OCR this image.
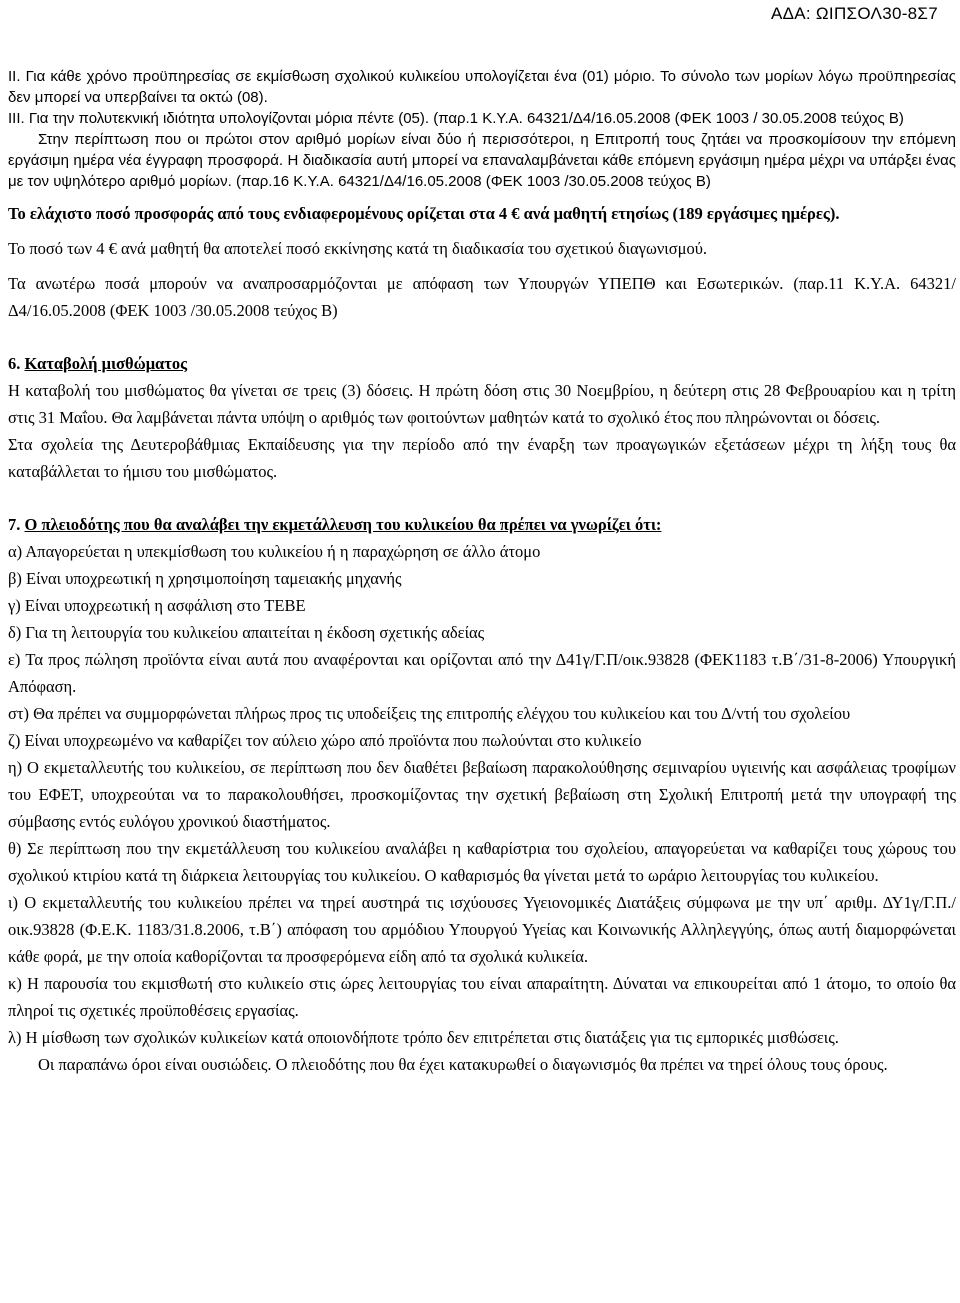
ΑΔΑ: ΩΙΠΣΟΛ30-8Σ7

ΙΙ. Για κάθε χρόνο προϋπηρεσίας σε εκμίσθωση σχολικού κυλικείου υπολογίζεται ένα (01) μόριο. Το σύνολο των μορίων λόγω προϋπηρεσίας δεν μπορεί να υπερβαίνει τα οκτώ (08).

ΙΙΙ. Για την πολυτεκνική ιδιότητα υπολογίζονται μόρια πέντε (05). (παρ.1 Κ.Υ.Α. 64321/Δ4/16.05.2008 (ΦΕΚ 1003 / 30.05.2008 τεύχος Β)

Στην περίπτωση που οι πρώτοι στον αριθμό μορίων είναι δύο ή περισσότεροι, η Επιτροπή τους ζητάει να προσκομίσουν την επόμενη εργάσιμη ημέρα νέα έγγραφη προσφορά. Η διαδικασία αυτή μπορεί να επαναλαμβάνεται κάθε επόμενη εργάσιμη ημέρα μέχρι να υπάρξει ένας με τον υψηλότερο αριθμό μορίων. (παρ.16 Κ.Υ.Α. 64321/Δ4/16.05.2008 (ΦΕΚ 1003 /30.05.2008 τεύχος Β)

Το ελάχιστο ποσό προσφοράς από τους ενδιαφερομένους ορίζεται στα 4 € ανά μαθητή ετησίως (189 εργάσιμες ημέρες).

Το ποσό των 4 € ανά μαθητή θα αποτελεί ποσό εκκίνησης κατά τη διαδικασία του σχετικού διαγωνισμού.

Τα ανωτέρω ποσά μπορούν να αναπροσαρμόζονται με απόφαση των Υπουργών ΥΠΕΠΘ και Εσωτερικών. (παρ.11 Κ.Υ.Α. 64321/Δ4/16.05.2008 (ΦΕΚ 1003 /30.05.2008 τεύχος Β)

6. Καταβολή μισθώματος

Η καταβολή του μισθώματος θα γίνεται σε τρεις (3) δόσεις. Η πρώτη δόση στις 30 Νοεμβρίου, η δεύτερη στις 28 Φεβρουαρίου και η τρίτη στις 31 Μαΐου. Θα λαμβάνεται πάντα υπόψη ο αριθμός των φοιτούντων μαθητών κατά το σχολικό έτος που πληρώνονται οι δόσεις.

Στα σχολεία της Δευτεροβάθμιας Εκπαίδευσης για την περίοδο από την έναρξη των προαγωγικών εξετάσεων μέχρι τη λήξη τους θα καταβάλλεται το ήμισυ του μισθώματος.

7. Ο πλειοδότης που θα αναλάβει την εκμετάλλευση του κυλικείου θα πρέπει να γνωρίζει ότι:

α) Απαγορεύεται η υπεκμίσθωση του κυλικείου ή η παραχώρηση σε άλλο άτομο

β) Είναι υποχρεωτική η χρησιμοποίηση ταμειακής μηχανής

γ) Είναι υποχρεωτική η ασφάλιση στο ΤΕΒΕ

δ) Για τη λειτουργία του κυλικείου απαιτείται η έκδοση σχετικής αδείας

ε) Τα προς πώληση προϊόντα είναι αυτά που αναφέρονται και ορίζονται από την Δ41γ/Γ.Π/οικ.93828 (ΦΕΚ1183 τ.Β΄/31-8-2006) Υπουργική Απόφαση.

στ) Θα πρέπει να συμμορφώνεται πλήρως προς τις υποδείξεις της επιτροπής ελέγχου του κυλικείου και του Δ/ντή του σχολείου

ζ) Είναι υποχρεωμένο να καθαρίζει τον αύλειο χώρο από προϊόντα που πωλούνται στο κυλικείο

η) Ο εκμεταλλευτής του κυλικείου, σε περίπτωση που δεν διαθέτει βεβαίωση παρακολούθησης σεμιναρίου υγιεινής και ασφάλειας τροφίμων του ΕΦΕΤ, υποχρεούται να το παρακολουθήσει, προσκομίζοντας την σχετική βεβαίωση στη Σχολική Επιτροπή μετά την υπογραφή της σύμβασης εντός ευλόγου χρονικού διαστήματος.

θ) Σε περίπτωση που την εκμετάλλευση του κυλικείου αναλάβει η καθαρίστρια του σχολείου, απαγορεύεται να καθαρίζει τους χώρους του σχολικού κτιρίου κατά τη διάρκεια λειτουργίας του κυλικείου. Ο καθαρισμός θα γίνεται μετά το ωράριο λειτουργίας του κυλικείου.

ι) Ο εκμεταλλευτής του κυλικείου πρέπει να τηρεί αυστηρά τις ισχύουσες Υγειονομικές Διατάξεις σύμφωνα με την υπ΄ αριθμ. ΔΥ1γ/Γ.Π./οικ.93828 (Φ.Ε.Κ. 1183/31.8.2006, τ.Β΄) απόφαση του αρμόδιου Υπουργού Υγείας και Κοινωνικής Αλληλεγγύης, όπως αυτή διαμορφώνεται κάθε φορά, με την οποία καθορίζονται τα προσφερόμενα είδη από τα σχολικά κυλικεία.

κ) Η παρουσία του εκμισθωτή στο κυλικείο στις ώρες λειτουργίας του είναι απαραίτητη. Δύναται να επικουρείται από 1 άτομο, το οποίο θα πληροί τις σχετικές προϋποθέσεις εργασίας.

λ) Η μίσθωση των σχολικών κυλικείων κατά οποιονδήποτε τρόπο δεν επιτρέπεται στις διατάξεις για τις εμπορικές μισθώσεις.

Οι παραπάνω όροι είναι ουσιώδεις. Ο πλειοδότης που θα έχει κατακυρωθεί ο διαγωνισμός θα πρέπει να τηρεί όλους τους όρους.
